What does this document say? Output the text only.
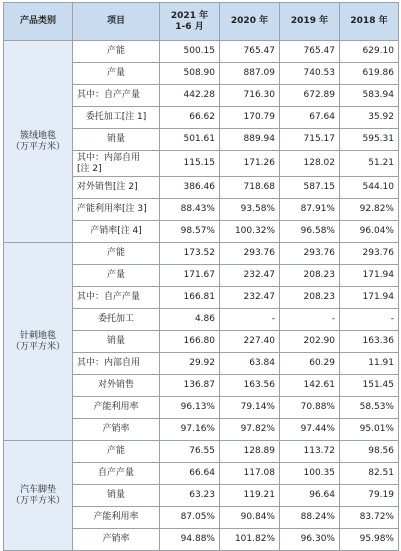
产品类别	项目	2021 年
1-6 月	2020 年	2019 年	2018 年
簇绒地毯
（万平方米）	产能	500.15	765.47	765.47	629.10
	产量	508.90	887.09	740.53	619.86
	其中：自产产量	442.28	716.30	672.89	583.94
	委托加工[注 1]	66.62	170.79	67.64	35.92
	销量	501.61	889.94	715.17	595.31
	其中：内部自用
[注 2]	115.15	171.26	128.02	51.21
	对外销售[注 2]	386.46	718.68	587.15	544.10
	产能利用率[注 3]	88.43%	93.58%	87.91%	92.82%
	产销率[注 4]	98.57%	100.32%	96.58%	96.04%
针刺地毯
（万平方米）	产能	173.52	293.76	293.76	293.76
	产量	171.67	232.47	208.23	171.94
	其中：自产产量	166.81	232.47	208.23	171.94
	委托加工	4.86	-	-	-
	销量	166.80	227.40	202.90	163.36
	其中：内部自用	29.92	63.84	60.29	11.91
	对外销售	136.87	163.56	142.61	151.45
	产能利用率	96.13%	79.14%	70.88%	58.53%
	产销率	97.16%	97.82%	97.44%	95.01%
汽车脚垫
（万平方米）	产能	76.55	128.89	113.72	98.56
	自产产量	66.64	117.08	100.35	82.51
	销量	63.23	119.21	96.64	79.19
	产能利用率	87.05%	90.84%	88.24%	83.72%
	产销率	94.88%	101.82%	96.30%	95.98%
